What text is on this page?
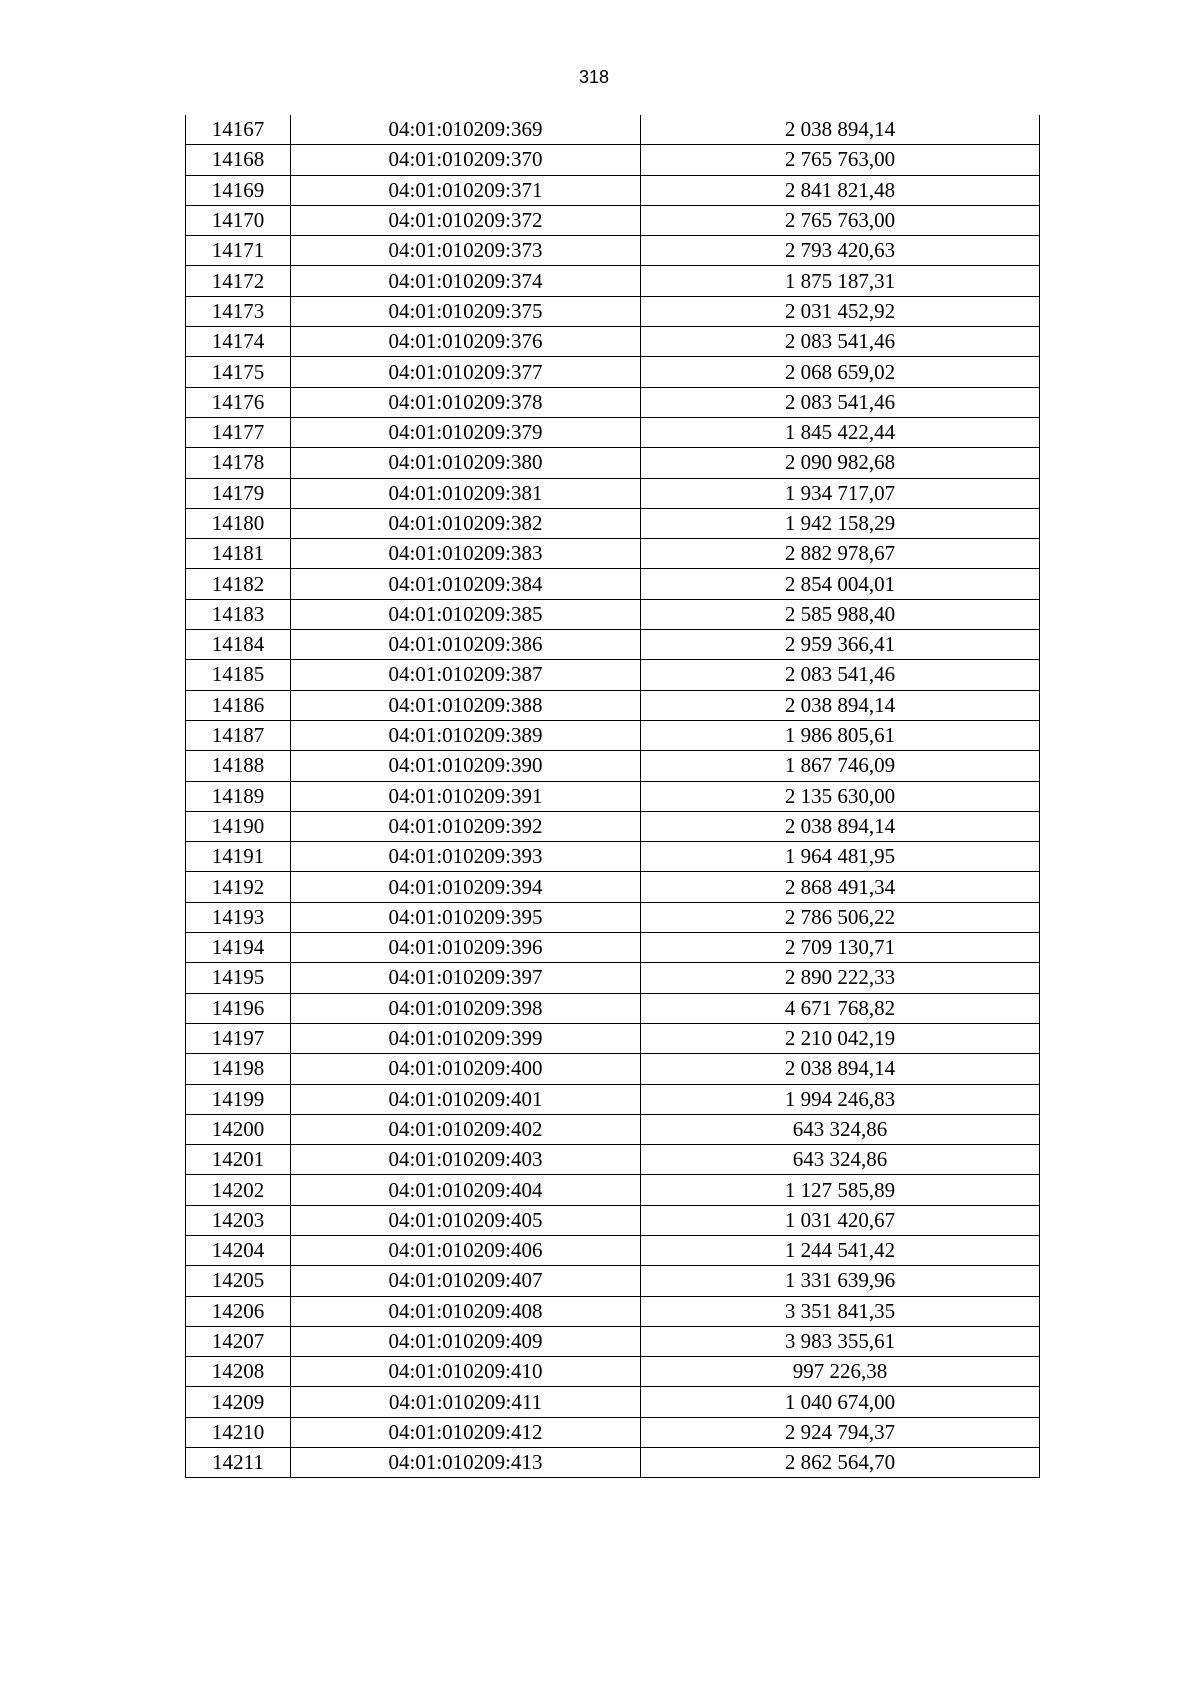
318
14167	04:01:010209:369	2 038 894,14
14168	04:01:010209:370	2 765 763,00
14169	04:01:010209:371	2 841 821,48
14170	04:01:010209:372	2 765 763,00
14171	04:01:010209:373	2 793 420,63
14172	04:01:010209:374	1 875 187,31
14173	04:01:010209:375	2 031 452,92
14174	04:01:010209:376	2 083 541,46
14175	04:01:010209:377	2 068 659,02
14176	04:01:010209:378	2 083 541,46
14177	04:01:010209:379	1 845 422,44
14178	04:01:010209:380	2 090 982,68
14179	04:01:010209:381	1 934 717,07
14180	04:01:010209:382	1 942 158,29
14181	04:01:010209:383	2 882 978,67
14182	04:01:010209:384	2 854 004,01
14183	04:01:010209:385	2 585 988,40
14184	04:01:010209:386	2 959 366,41
14185	04:01:010209:387	2 083 541,46
14186	04:01:010209:388	2 038 894,14
14187	04:01:010209:389	1 986 805,61
14188	04:01:010209:390	1 867 746,09
14189	04:01:010209:391	2 135 630,00
14190	04:01:010209:392	2 038 894,14
14191	04:01:010209:393	1 964 481,95
14192	04:01:010209:394	2 868 491,34
14193	04:01:010209:395	2 786 506,22
14194	04:01:010209:396	2 709 130,71
14195	04:01:010209:397	2 890 222,33
14196	04:01:010209:398	4 671 768,82
14197	04:01:010209:399	2 210 042,19
14198	04:01:010209:400	2 038 894,14
14199	04:01:010209:401	1 994 246,83
14200	04:01:010209:402	643 324,86
14201	04:01:010209:403	643 324,86
14202	04:01:010209:404	1 127 585,89
14203	04:01:010209:405	1 031 420,67
14204	04:01:010209:406	1 244 541,42
14205	04:01:010209:407	1 331 639,96
14206	04:01:010209:408	3 351 841,35
14207	04:01:010209:409	3 983 355,61
14208	04:01:010209:410	997 226,38
14209	04:01:010209:411	1 040 674,00
14210	04:01:010209:412	2 924 794,37
14211	04:01:010209:413	2 862 564,70
